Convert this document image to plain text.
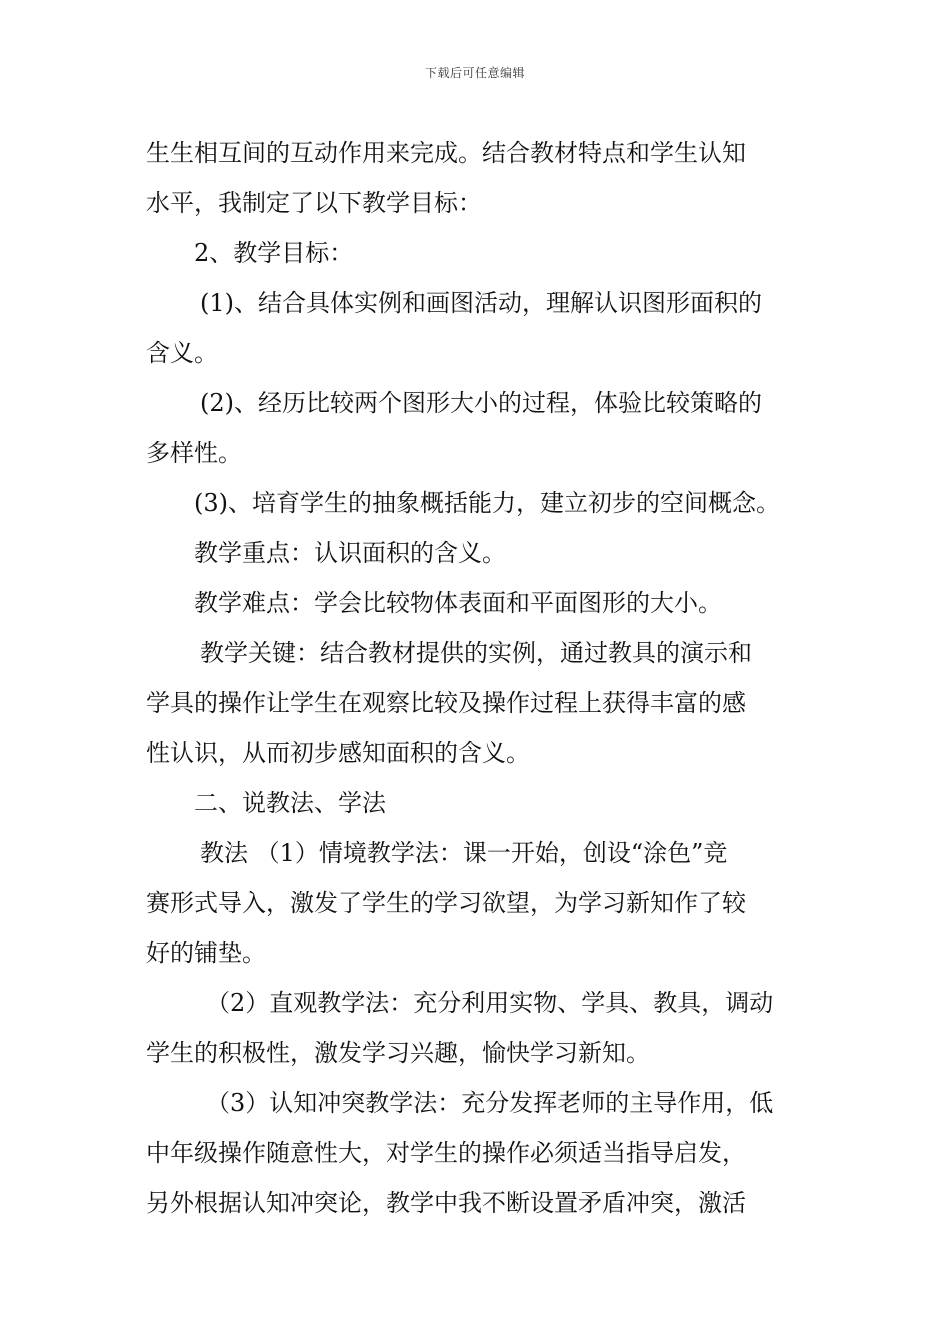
下载后可任意编辑
生生相互间的互动作用来完成。结合教材特点和学生认知
水平，我制定了以下教学目标：
2、教学目标：
(1)、结合具体实例和画图活动，理解认识图形面积的
含义。
(2)、经历比较两个图形大小的过程，体验比较策略的
多样性。
(3)、培育学生的抽象概括能力，建立初步的空间概念。
教学重点：认识面积的含义。
教学难点：学会比较物体表面和平面图形的大小。
教学关键：结合教材提供的实例，通过教具的演示和
学具的操作让学生在观察比较及操作过程上获得丰富的感
性认识，从而初步感知面积的含义。
二、说教法、学法
教法 （1）情境教学法：课一开始，创设“涂色”竞
赛形式导入，激发了学生的学习欲望，为学习新知作了较
好的铺垫。
（2）直观教学法：充分利用实物、学具、教具，调动
学生的积极性，激发学习兴趣，愉快学习新知。
（3）认知冲突教学法：充分发挥老师的主导作用，低
中年级操作随意性大，对学生的操作必须适当指导启发，
另外根据认知冲突论，教学中我不断设置矛盾冲突，激活
